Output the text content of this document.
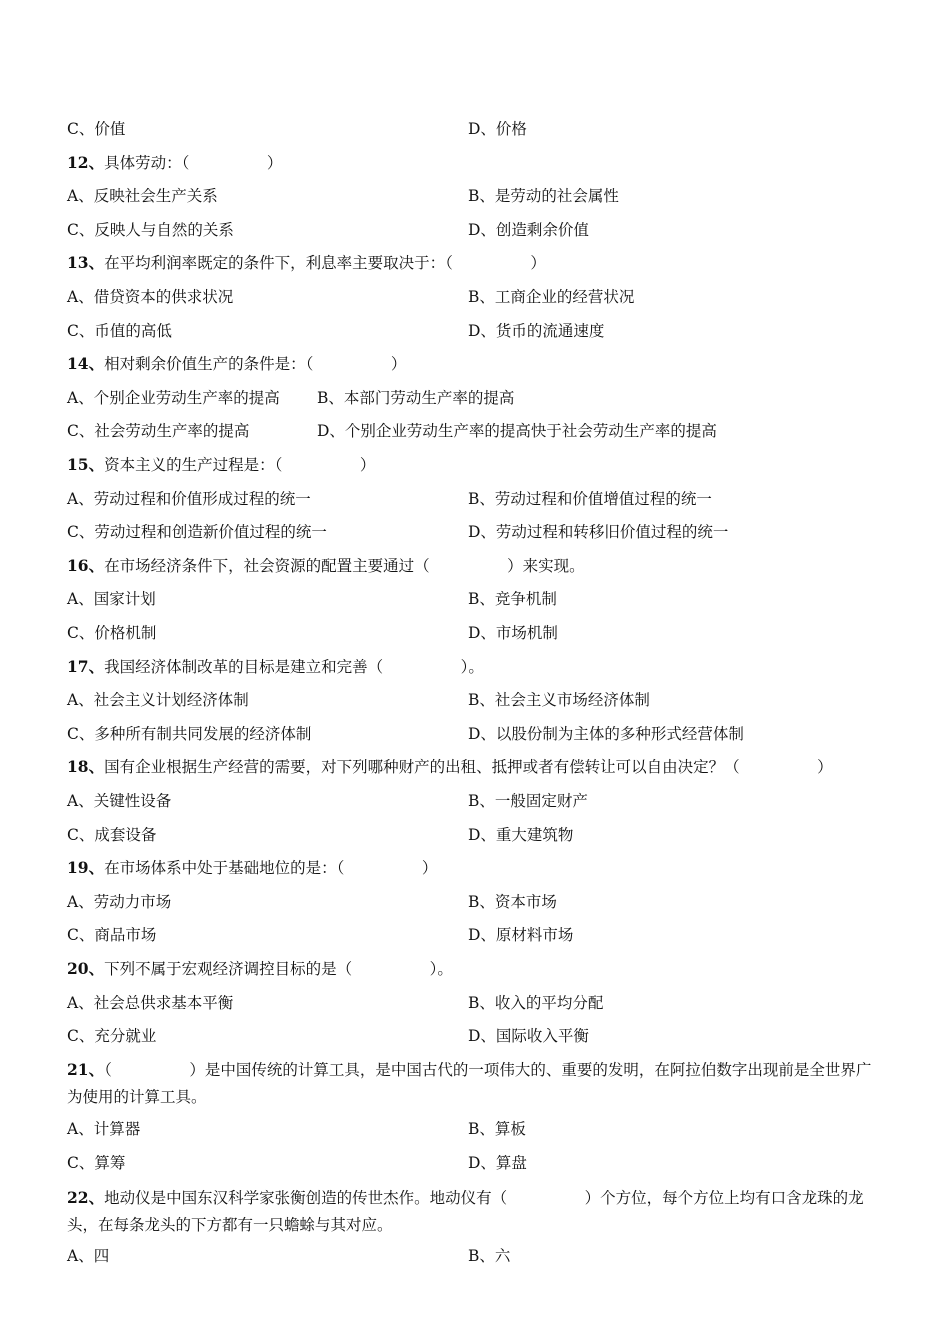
C、价值	D、价格
12、具体劳动：（　　　　　）
A、反映社会生产关系	B、是劳动的社会属性
C、反映人与自然的关系	D、创造剩余价值
13、在平均利润率既定的条件下，利息率主要取决于：（　　　　　）
A、借贷资本的供求状况	B、工商企业的经营状况
C、币值的高低	D、货币的流通速度
14、相对剩余价值生产的条件是：（　　　　　）
A、个别企业劳动生产率的提高 B、本部门劳动生产率的提高
C、社会劳动生产率的提高	D、个别企业劳动生产率的提高快于社会劳动生产率的提高
15、资本主义的生产过程是：（　　　　　）
A、劳动过程和价值形成过程的统一	B、劳动过程和价值增值过程的统一
C、劳动过程和创造新价值过程的统一	D、劳动过程和转移旧价值过程的统一
16、在市场经济条件下，社会资源的配置主要通过（　　　　　）来实现。
A、国家计划	B、竞争机制
C、价格机制	D、市场机制
17、我国经济体制改革的目标是建立和完善（　　　　　）。
A、社会主义计划经济体制	B、社会主义市场经济体制
C、多种所有制共同发展的经济体制	D、以股份制为主体的多种形式经营体制
18、国有企业根据生产经营的需要，对下列哪种财产的出租、抵押或者有偿转让可以自由决定？（　　　　　）
A、关键性设备	B、一般固定财产
C、成套设备	D、重大建筑物
19、在市场体系中处于基础地位的是：（　　　　　）
A、劳动力市场	B、资本市场
C、商品市场	D、原材料市场
20、下列不属于宏观经济调控目标的是（　　　　　）。
A、社会总供求基本平衡	B、收入的平均分配
C、充分就业	D、国际收入平衡
21、（　　　　　）是中国传统的计算工具，是中国古代的一项伟大的、重要的发明，在阿拉伯数字出现前是全世界广为使用的计算工具。
A、计算器	B、算板
C、算筹	D、算盘
22、地动仪是中国东汉科学家张衡创造的传世杰作。地动仪有（　　　　　）个方位，每个方位上均有口含龙珠的龙头，在每条龙头的下方都有一只蟾蜍与其对应。
A、四	B、六
